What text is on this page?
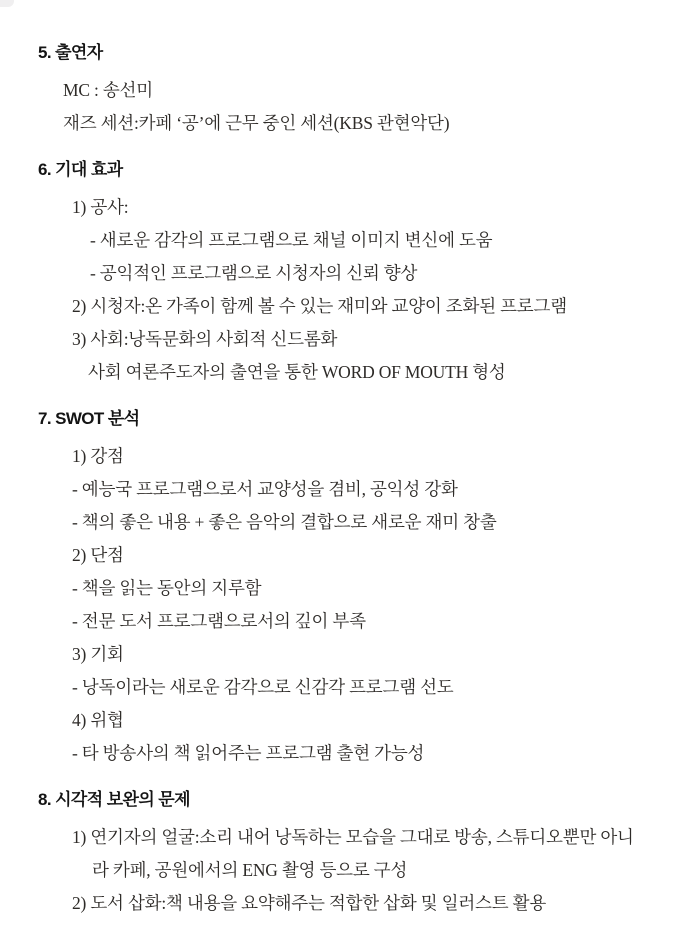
5. 출연자
MC : 송선미
재즈 세션:카페 ‘공’에 근무 중인 세션(KBS 관현악단)
6. 기대 효과
1) 공사:
- 새로운 감각의 프로그램으로 채널 이미지 변신에 도움
- 공익적인 프로그램으로 시청자의 신뢰 향상
2) 시청자:온 가족이 함께 볼 수 있는 재미와 교양이 조화된 프로그램
3) 사회:낭독문화의 사회적 신드롬화
사회 여론주도자의 출연을 통한 WORD OF MOUTH 형성
7. SWOT 분석
1) 강점
- 예능국 프로그램으로서 교양성을 겸비, 공익성 강화
- 책의 좋은 내용 + 좋은 음악의 결합으로 새로운 재미 창출
2) 단점
- 책을 읽는 동안의 지루함
- 전문 도서 프로그램으로서의 깊이 부족
3) 기회
- 낭독이라는 새로운 감각으로 신감각 프로그램 선도
4) 위협
- 타 방송사의 책 읽어주는 프로그램 출현 가능성
8. 시각적 보완의 문제
1) 연기자의 얼굴:소리 내어 낭독하는 모습을 그대로 방송, 스튜디오뿐만 아니
라 카페, 공원에서의 ENG 촬영 등으로 구성
2) 도서 삽화:책 내용을 요약해주는 적합한 삽화 및 일러스트 활용
